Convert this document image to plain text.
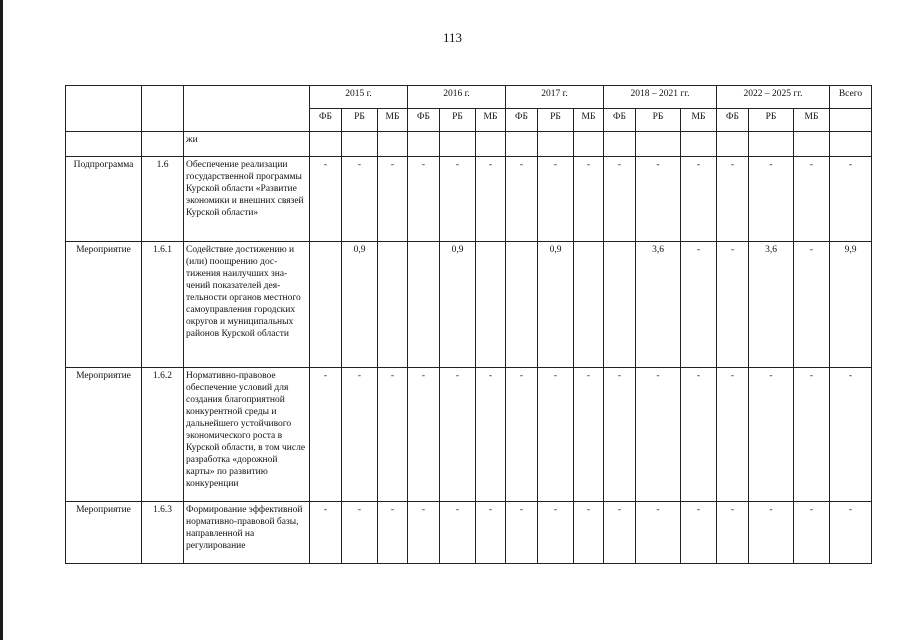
113
			2015 г.			2016 г.			2017 г.			2018 – 2021 гг.			2022 – 2025 гг.			Всего
			ФБ	РБ	МБ	ФБ	РБ	МБ	ФБ	РБ	МБ	ФБ	РБ	МБ	ФБ	РБ	МБ	
		жи																
Подпрограмма	1.6	Обеспечение реализации государственной программы Курской области «Развитие экономики и внешних связей Курской области»	-	-	-	-	-	-	-	-	-	-	-	-	-	-	-	-
Мероприятие	1.6.1	Содействие достижению и (или) поощрению достижения наилучших значений показателей деятельности органов местного самоуправления городских округов и муниципальных районов Курской области		0,9			0,9			0,9			3,6	-	-	3,6	-	9,9
Мероприятие	1.6.2	Нормативно-правовое обеспечение условий для создания благоприятной конкурентной среды и дальнейшего устойчивого экономического роста в Курской области, в том числе разработка «дорожной карты» по развитию конкуренции	-	-	-	-	-	-	-	-	-	-	-	-	-	-	-	-
Мероприятие	1.6.3	Формирование эффективной нормативно-правовой базы, направленной на регулирование	-	-	-	-	-	-	-	-	-	-	-	-	-	-	-	-
